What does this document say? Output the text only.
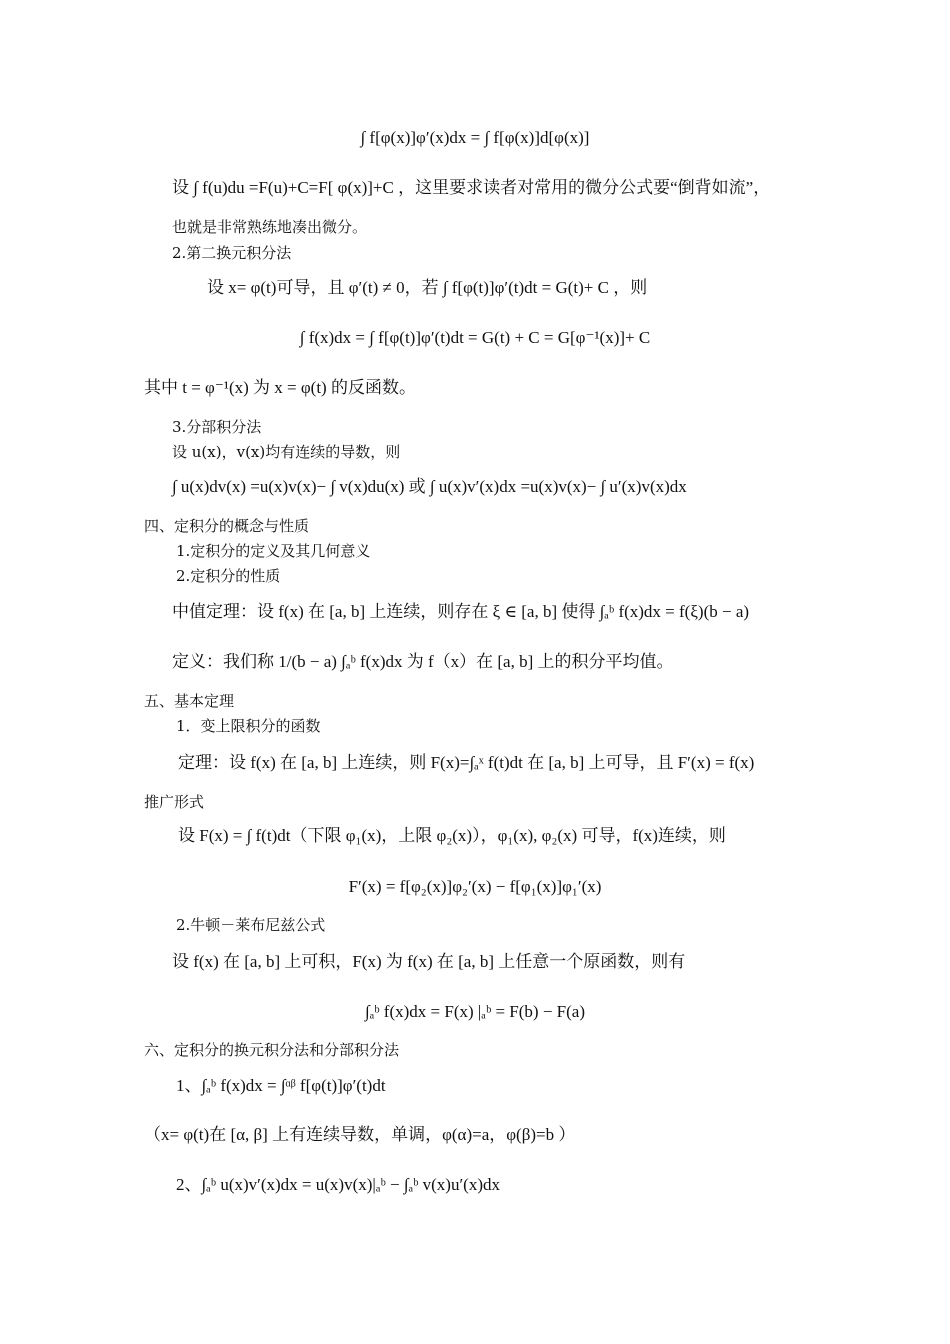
∫ f[φ(x)]φ′(x)dx = ∫ f[φ(x)]d[φ(x)]
设 ∫ f(u)du =F(u)+C=F[ φ(x)]+C ，这里要求读者对常用的微分公式要“倒背如流”，
也就是非常熟练地凑出微分。
2.第二换元积分法
设 x= φ(t)可导，且 φ′(t) ≠ 0，若 ∫ f[φ(t)]φ′(t)dt = G(t)+ C ，则
∫ f(x)dx = ∫ f[φ(t)]φ′(t)dt = G(t) + C = G[φ⁻¹(x)]+ C
其中 t = φ⁻¹(x) 为 x = φ(t) 的反函数。
3.分部积分法
设 u(x)，v(x)均有连续的导数，则
∫ u(x)dv(x) =u(x)v(x)− ∫ v(x)du(x) 或 ∫ u(x)v′(x)dx =u(x)v(x)− ∫ u′(x)v(x)dx
四、定积分的概念与性质
1.定积分的定义及其几何意义
2.定积分的性质
中值定理：设 f(x) 在 [a, b] 上连续，则存在 ξ ∈ [a, b] 使得 ∫ₐᵇ f(x)dx = f(ξ)(b − a)
定义：我们称 1/(b − a) ∫ₐᵇ f(x)dx 为 f（x）在 [a, b] 上的积分平均值。
五、基本定理
1．变上限积分的函数
定理：设 f(x) 在 [a, b] 上连续，则 F(x)=∫ₐˣ f(t)dt 在 [a, b] 上可导，且 F′(x) = f(x)
推广形式
设 F(x) = ∫ f(t)dt（下限 φ₁(x)，上限 φ₂(x)），φ₁(x), φ₂(x) 可导，f(x)连续，则
F′(x) = f[φ₂(x)]φ₂′(x) − f[φ₁(x)]φ₁′(x)
2.牛顿－莱布尼兹公式
设 f(x) 在 [a, b] 上可积，F(x) 为 f(x) 在 [a, b] 上任意一个原函数，则有
∫ₐᵇ f(x)dx = F(x) |ₐᵇ = F(b) − F(a)
六、定积分的换元积分法和分部积分法
1、∫ₐᵇ f(x)dx = ∫ᵅᵝ f[φ(t)]φ′(t)dt
（x= φ(t)在 [α, β] 上有连续导数，单调，φ(α)=a，φ(β)=b ）
2、∫ₐᵇ u(x)v′(x)dx = u(x)v(x)|ₐᵇ − ∫ₐᵇ v(x)u′(x)dx
